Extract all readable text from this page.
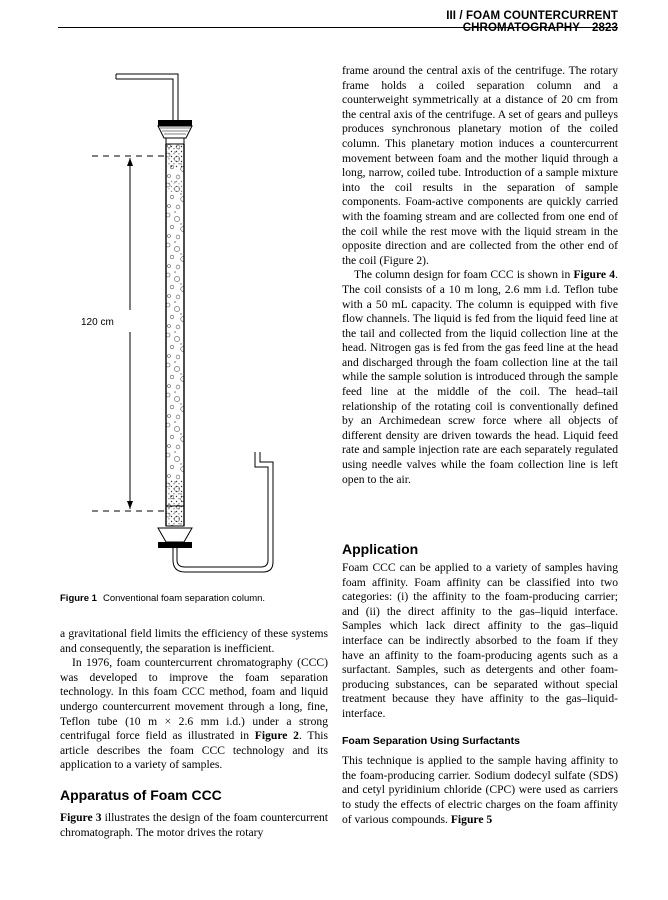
III / FOAM COUNTERCURRENT CHROMATOGRAPHY 2823
120 cm
Figure 1 Conventional foam separation column.

a gravitational field limits the efficiency of these systems and consequently, the separation is inefficient.

In 1976, foam countercurrent chromatography (CCC) was developed to improve the foam separation technology. In this foam CCC method, foam and liquid undergo countercurrent movement through a long, fine, Teflon tube (10 m × 2.6 mm i.d.) under a strong centrifugal force field as illustrated in Figure 2. This article describes the foam CCC technology and its application to a variety of samples.

Apparatus of Foam CCC

Figure 3 illustrates the design of the foam countercurrent chromatograph. The motor drives the rotary

frame around the central axis of the centrifuge. The rotary frame holds a coiled separation column and a counterweight symmetrically at a distance of 20 cm from the central axis of the centrifuge. A set of gears and pulleys produces synchronous planetary motion of the coiled column. This planetary motion induces a countercurrent movement between foam and the mother liquid through a long, narrow, coiled tube. Introduction of a sample mixture into the coil results in the separation of sample components. Foam-active components are quickly carried with the foaming stream and are collected from one end of the coil while the rest move with the liquid stream in the opposite direction and are collected from the other end of the coil (Figure 2).

The column design for foam CCC is shown in Figure 4. The coil consists of a 10 m long, 2.6 mm i.d. Teflon tube with a 50 mL capacity. The column is equipped with five flow channels. The liquid is fed from the liquid feed line at the tail and collected from the liquid collection line at the head. Nitrogen gas is fed from the gas feed line at the head and discharged through the foam collection line at the tail while the sample solution is introduced through the sample feed line at the middle of the coil. The head–tail relationship of the rotating coil is conventionally defined by an Archimedean screw force where all objects of different density are driven towards the head. Liquid feed rate and sample injection rate are each separately regulated using needle valves while the foam collection line is left open to the air.

Application

Foam CCC can be applied to a variety of samples having foam affinity. Foam affinity can be classified into two categories: (i) the affinity to the foam-producing carrier; and (ii) the direct affinity to the gas–liquid interface. Samples which lack direct affinity to the gas–liquid interface can be indirectly absorbed to the foam if they have an affinity to the foam-producing agents such as a surfactant. Samples, such as detergents and other foam-producing substances, can be separated without special treatment because they have affinity to the gas–liquid-interface.

Foam Separation Using Surfactants

This technique is applied to the sample having affinity to the foam-producing carrier. Sodium dodecyl sulfate (SDS) and cetyl pyridinium chloride (CPC) were used as carriers to study the effects of electric charges on the foam affinity of various compounds. Figure 5
